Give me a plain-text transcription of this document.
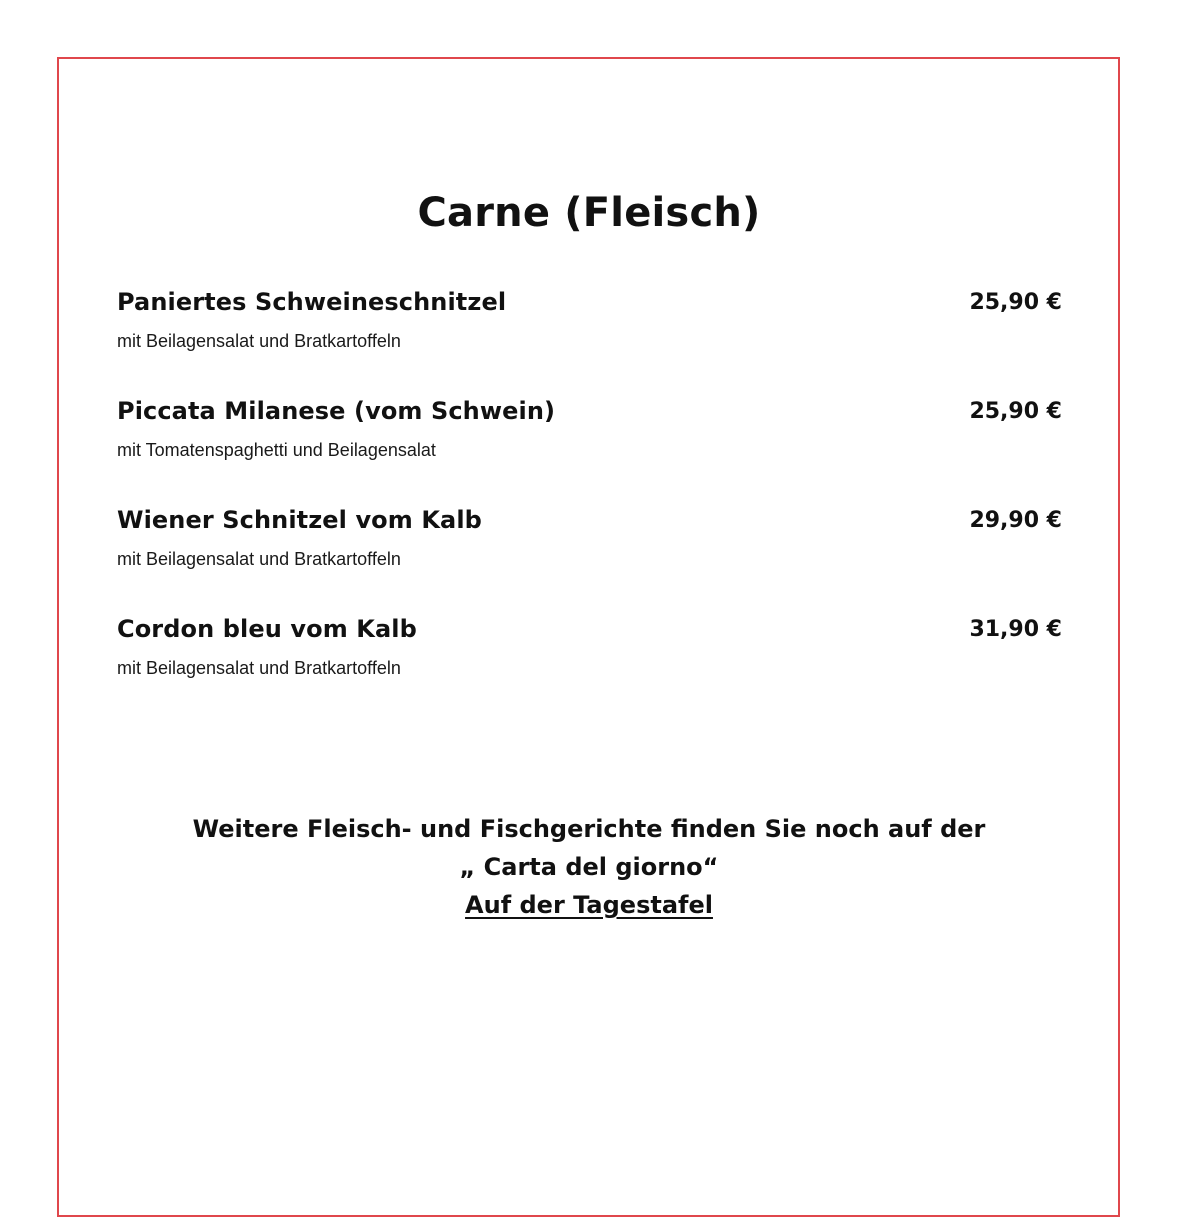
Carne (Fleisch)
Paniertes Schweineschnitzel	25,90 €
mit Beilagensalat und Bratkartoffeln
Piccata Milanese (vom Schwein)	25,90 €
mit Tomatenspaghetti und Beilagensalat
Wiener Schnitzel vom Kalb	29,90 €
mit Beilagensalat und Bratkartoffeln
Cordon bleu vom Kalb	31,90 €
mit Beilagensalat und Bratkartoffeln
Weitere Fleisch- und Fischgerichte finden Sie noch auf der
„ Carta del giorno“
Auf der Tagestafel
